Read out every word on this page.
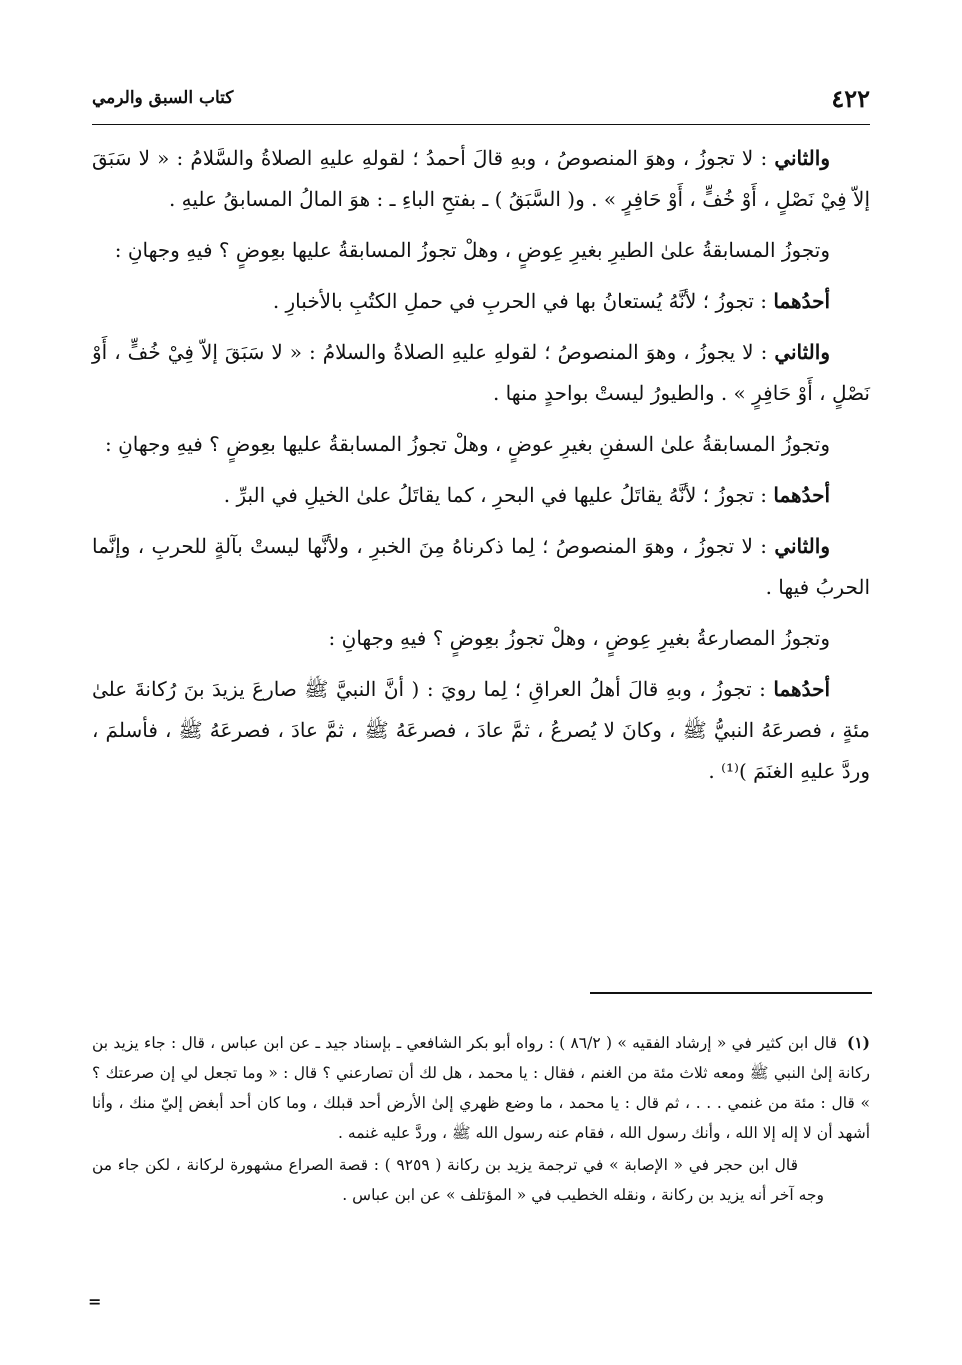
٤٢٢
كتاب السبق والرمي

والثاني : لا تجوزُ ، وهوَ المنصوصُ ، وبهِ قالَ أحمدُ ؛ لقولهِ عليهِ الصلاةُ والسَّلامُ : « لا سَبَقَ إلاّ فِيْ نَصْلٍ ، أَوْ خُفٍّ ، أَوْ حَافِرٍ » . و( السَّبَقُ ) ـ بفتحِ الباءِ ـ : هوَ المالُ المسابقُ عليهِ .

وتجوزُ المسابقةُ علىٰ الطيرِ بغيرِ عِوضٍ ، وهلْ تجوزُ المسابقةُ عليها بعِوضٍ ؟ فيهِ وجهانِ :

أحدُهما : تجوزُ ؛ لأنَّهُ يُستعانُ بها في الحربِ في حملِ الكتُبِ بالأخبارِ .

والثاني : لا يجوزُ ، وهوَ المنصوصُ ؛ لقولهِ عليهِ الصلاةُ والسلامُ : « لا سَبَقَ إلاّ فِيْ خُفٍّ ، أَوْ نَصْلٍ ، أَوْ حَافِرٍ » . والطيورُ ليستْ بواحدٍ منها .

وتجوزُ المسابقةُ علىٰ السفنِ بغيرِ عوضٍ ، وهلْ تجوزُ المسابقةُ عليها بعِوضٍ ؟ فيهِ وجهانِ :

أحدُهما : تجوزُ ؛ لأنَّهُ يقاتَلُ عليها في البحرِ ، كما يقاتَلُ علىٰ الخيلِ في البرِّ .

والثاني : لا تجوزُ ، وهوَ المنصوصُ ؛ لِما ذكرناهُ مِنَ الخبرِ ، ولأنَّها ليستْ بآلةٍ للحربِ ، وإنَّما الحربُ فيها .

وتجوزُ المصارعةُ بغيرِ عِوضٍ ، وهلْ تجوزُ بعِوضٍ ؟ فيهِ وجهانِ :

أحدُهما : تجوزُ ، وبهِ قالَ أهلُ العراقِ ؛ لِما رويَ : ( أنَّ النبيَّ ﷺ صارعَ يزيدَ بنَ رُكانةَ علىٰ مئةٍ ، فصرعَهُ النبيُّ ﷺ ، وكانَ لا يُصرعُ ، ثمَّ عادَ ، فصرعَهُ ﷺ ، ثمَّ عادَ ، فصرعَهُ ﷺ ، فأسلمَ ، وردَّ عليهِ الغنَمَ )⁽¹⁾ .

(١)قال ابن كثير في « إرشاد الفقيه » ( ٨٦/٢ ) : رواه أبو بكر الشافعي ـ بإسناد جيد ـ عن ابن عباس ، قال : جاء يزيد بن ركانة إلىٰ النبي ﷺ ومعه ثلاث مئة من الغنم ، فقال : يا محمد ، هل لك أن تصارعني ؟ قال : « وما تجعل لي إن صرعتك ؟ » قال : مئة من غنمي . . . ، ثم قال : يا محمد ، ما وضع ظهري إلىٰ الأرض أحد قبلك ، وما كان أحد أبغض إليّ منك ، وأنا أشهد أن لا إله إلا الله ، وأنك رسول الله ، فقام عنه رسول الله ﷺ ، وردَّ عليه غنمه .

قال ابن حجر في « الإصابة » في ترجمة يزيد بن ركانة ( ٩٢٥٩ ) : قصة الصراع مشهورة لركانة ، لكن جاء من وجه آخر أنه يزيد بن ركانة ، ونقله الخطيب في « المؤتلف » عن ابن عباس .

=
